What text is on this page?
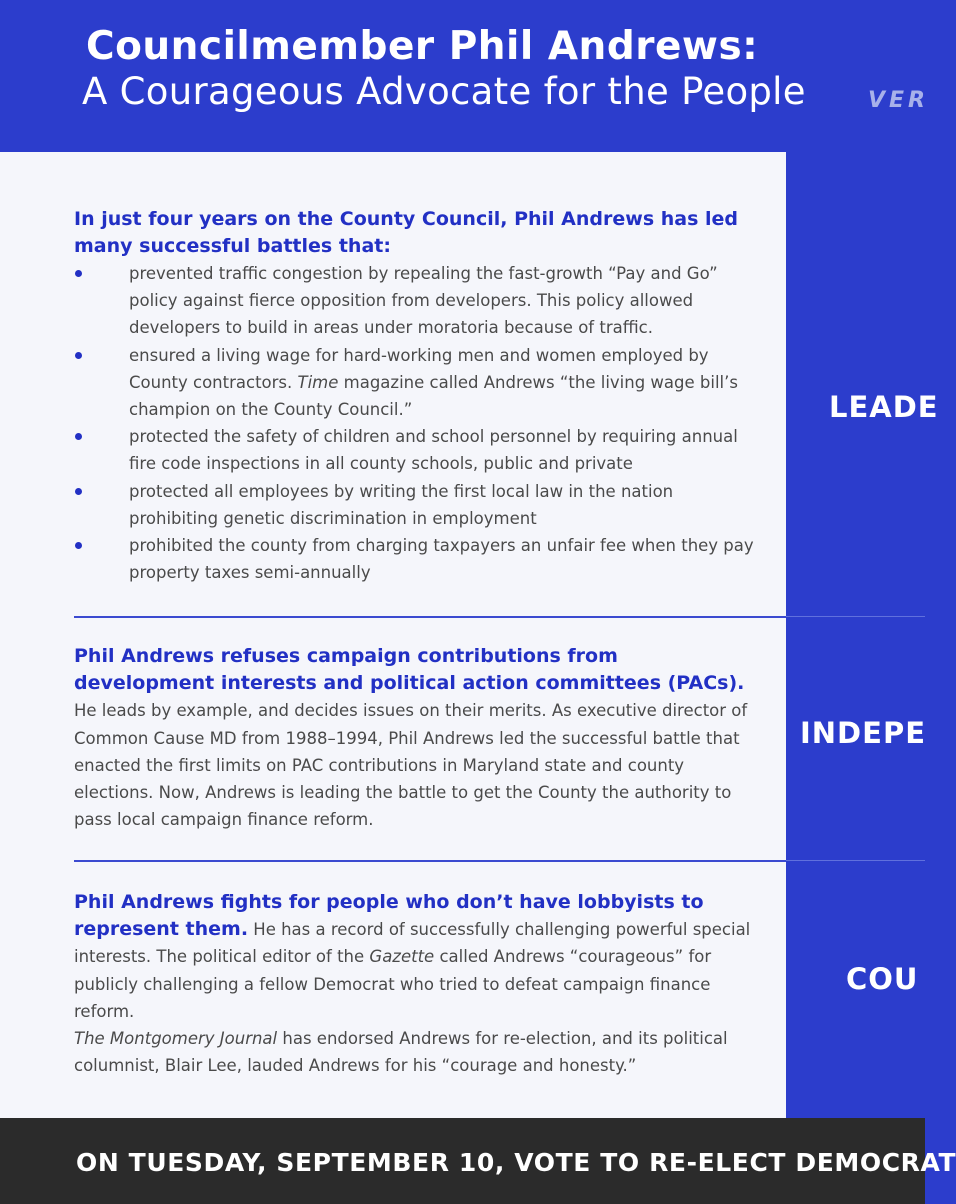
Councilmember Phil Andrews:
A Courageous Advocate for the People	VER
LEADE
INDEPE
COU
In just four years on the County Council, Phil Andrews has led many successful battles that:
prevented traffic congestion by repealing the fast-growth “Pay and Go” policy against fierce opposition from developers. This policy allowed developers to build in areas under moratoria because of traffic.
ensured a living wage for hard-working men and women employed by County contractors. Time magazine called Andrews “the living wage bill’s champion on the County Council.”
protected the safety of children and school personnel by requiring annual fire code inspections in all county schools, public and private
protected all employees by writing the first local law in the nation prohibiting genetic discrimination in employment
prohibited the county from charging taxpayers an unfair fee when they pay property taxes semi-annually
Phil Andrews refuses campaign contributions from development interests and political action committees (PACs). He leads by example, and decides issues on their merits. As executive director of Common Cause MD from 1988–1994, Phil Andrews led the successful battle that enacted the first limits on PAC contributions in Maryland state and county elections. Now, Andrews is leading the battle to get the County the authority to pass local campaign finance reform.
Phil Andrews fights for people who don’t have lobbyists to represent them. He has a record of successfully challenging powerful special interests. The political editor of the Gazette called Andrews “courageous” for publicly challenging a fellow Democrat who tried to defeat campaign finance reform.
The Montgomery Journal has endorsed Andrews for re-election, and its political columnist, Blair Lee, lauded Andrews for his “courage and honesty.”
ON TUESDAY, SEPTEMBER 10, VOTE TO RE-ELECT DEMOCRAT
